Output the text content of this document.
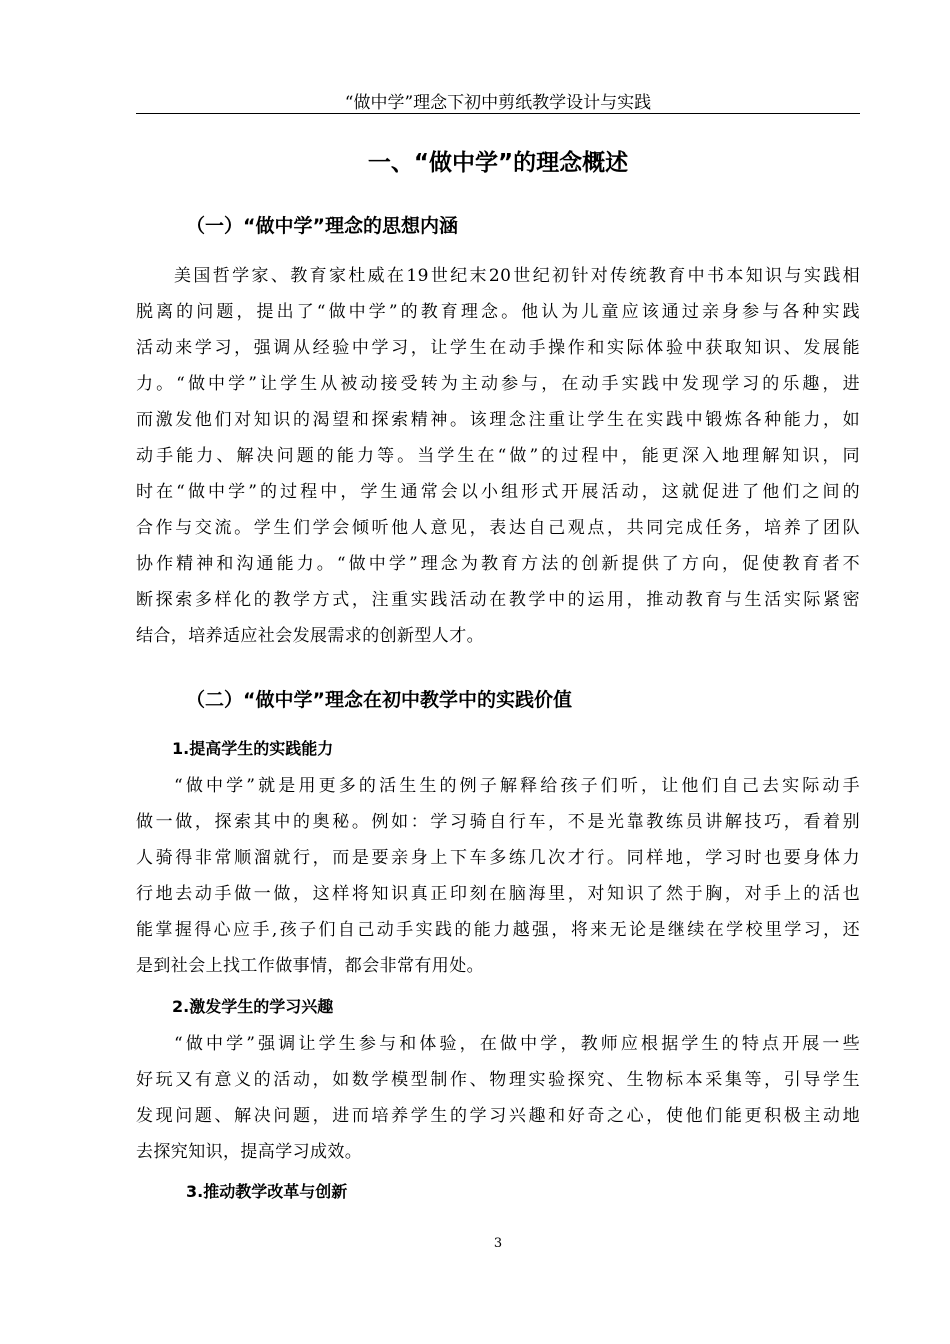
“做中学”理念下初中剪纸教学设计与实践
一、“做中学”的理念概述
（一）“做中学”理念的思想内涵
美国哲学家、教育家杜威在19世纪末20世纪初针对传统教育中书本知识与实践相
脱离的问题，提出了“做中学”的教育理念。他认为儿童应该通过亲身参与各种实践
活动来学习，强调从经验中学习，让学生在动手操作和实际体验中获取知识、发展能
力。“做中学”让学生从被动接受转为主动参与，在动手实践中发现学习的乐趣，进
而激发他们对知识的渴望和探索精神。该理念注重让学生在实践中锻炼各种能力，如
动手能力、解决问题的能力等。当学生在“做”的过程中，能更深入地理解知识，同
时在“做中学”的过程中，学生通常会以小组形式开展活动，这就促进了他们之间的
合作与交流。学生们学会倾听他人意见，表达自己观点，共同完成任务，培养了团队
协作精神和沟通能力。“做中学”理念为教育方法的创新提供了方向，促使教育者不
断探索多样化的教学方式，注重实践活动在教学中的运用，推动教育与生活实际紧密
结合，培养适应社会发展需求的创新型人才。
（二）“做中学”理念在初中教学中的实践价值
1.提高学生的实践能力
“做中学”就是用更多的活生生的例子解释给孩子们听，让他们自己去实际动手
做一做，探索其中的奥秘。例如：学习骑自行车，不是光靠教练员讲解技巧，看着别
人骑得非常顺溜就行，而是要亲身上下车多练几次才行。同样地，学习时也要身体力
行地去动手做一做，这样将知识真正印刻在脑海里，对知识了然于胸，对手上的活也
能掌握得心应手,孩子们自己动手实践的能力越强，将来无论是继续在学校里学习，还
是到社会上找工作做事情，都会非常有用处。
2.激发学生的学习兴趣
“做中学”强调让学生参与和体验，在做中学，教师应根据学生的特点开展一些
好玩又有意义的活动，如数学模型制作、物理实验探究、生物标本采集等，引导学生
发现问题、解决问题，进而培养学生的学习兴趣和好奇之心，使他们能更积极主动地
去探究知识，提高学习成效。
3.推动教学改革与创新
3
